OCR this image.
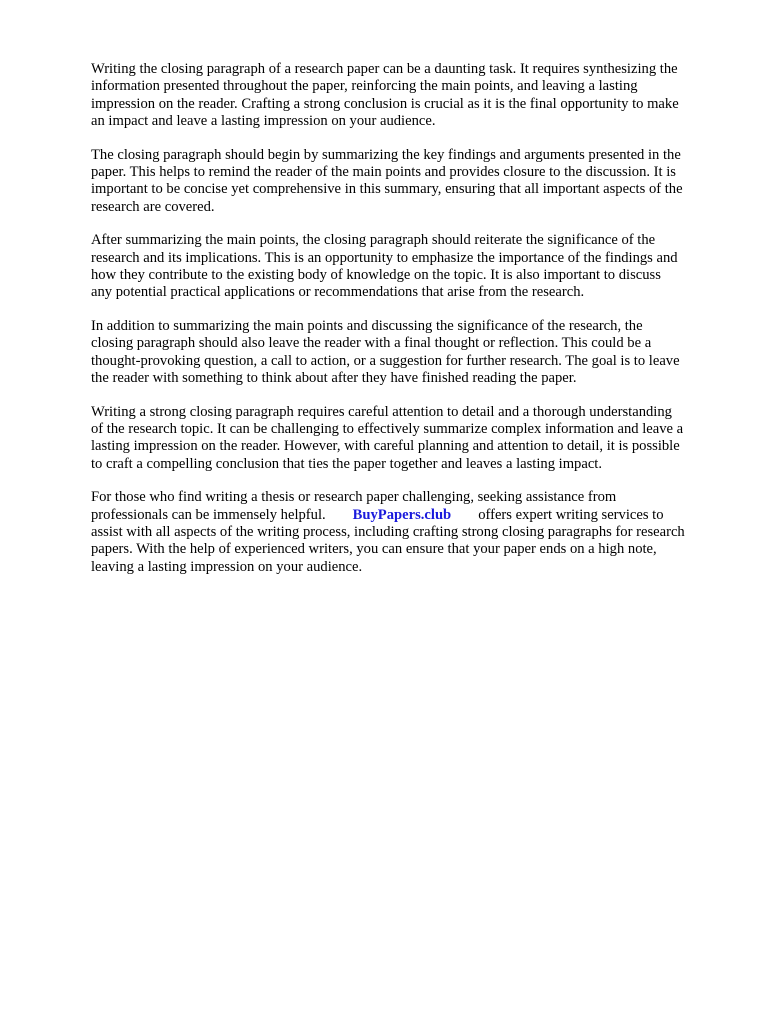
Writing the closing paragraph of a research paper can be a daunting task. It requires synthesizing the
information presented throughout the paper, reinforcing the main points, and leaving a lasting
impression on the reader. Crafting a strong conclusion is crucial as it is the final opportunity to make
an impact and leave a lasting impression on your audience.

The closing paragraph should begin by summarizing the key findings and arguments presented in the
paper. This helps to remind the reader of the main points and provides closure to the discussion. It is
important to be concise yet comprehensive in this summary, ensuring that all important aspects of the
research are covered.

After summarizing the main points, the closing paragraph should reiterate the significance of the
research and its implications. This is an opportunity to emphasize the importance of the findings and
how they contribute to the existing body of knowledge on the topic. It is also important to discuss
any potential practical applications or recommendations that arise from the research.

In addition to summarizing the main points and discussing the significance of the research, the
closing paragraph should also leave the reader with a final thought or reflection. This could be a
thought-provoking question, a call to action, or a suggestion for further research. The goal is to leave
the reader with something to think about after they have finished reading the paper.

Writing a strong closing paragraph requires careful attention to detail and a thorough understanding
of the research topic. It can be challenging to effectively summarize complex information and leave a
lasting impression on the reader. However, with careful planning and attention to detail, it is possible
to craft a compelling conclusion that ties the paper together and leaves a lasting impact.

For those who find writing a thesis or research paper challenging, seeking assistance from
professionals can be immensely helpful. BuyPapers.club offers expert writing services to
assist with all aspects of the writing process, including crafting strong closing paragraphs for research
papers. With the help of experienced writers, you can ensure that your paper ends on a high note,
leaving a lasting impression on your audience.
